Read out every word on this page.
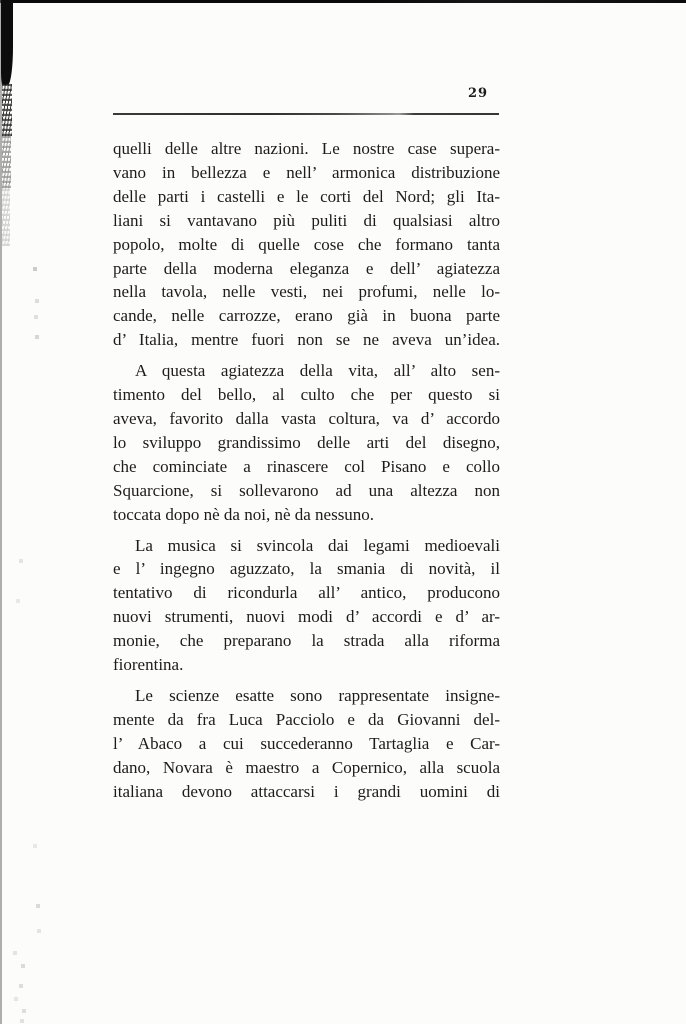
29
quelli delle altre nazioni. Le nostre case supera-
vano in bellezza e nell’ armonica distribuzione
delle parti i castelli e le corti del Nord; gli Ita-
liani si vantavano più puliti di qualsiasi altro
popolo, molte di quelle cose che formano tanta
parte della moderna eleganza e dell’ agiatezza
nella tavola, nelle vesti, nei profumi, nelle lo-
cande, nelle carrozze, erano già in buona parte
d’ Italia, mentre fuori non se ne aveva un’idea.
A questa agiatezza della vita, all’ alto sen-
timento del bello, al culto che per questo si
aveva, favorito dalla vasta coltura, va d’ accordo
lo sviluppo grandissimo delle arti del disegno,
che cominciate a rinascere col Pisano e collo
Squarcione, si sollevarono ad una altezza non
toccata dopo nè da noi, nè da nessuno.
La musica si svincola dai legami medioevali
e l’ ingegno aguzzato, la smania di novità, il
tentativo di ricondurla all’ antico, producono
nuovi strumenti, nuovi modi d’ accordi e d’ ar-
monie, che preparano la strada alla riforma
fiorentina.
Le scienze esatte sono rappresentate insigne-
mente da fra Luca Pacciolo e da Giovanni del-
l’ Abaco a cui succederanno Tartaglia e Car-
dano, Novara è maestro a Copernico, alla scuola
italiana devono attaccarsi i grandi uomini di
